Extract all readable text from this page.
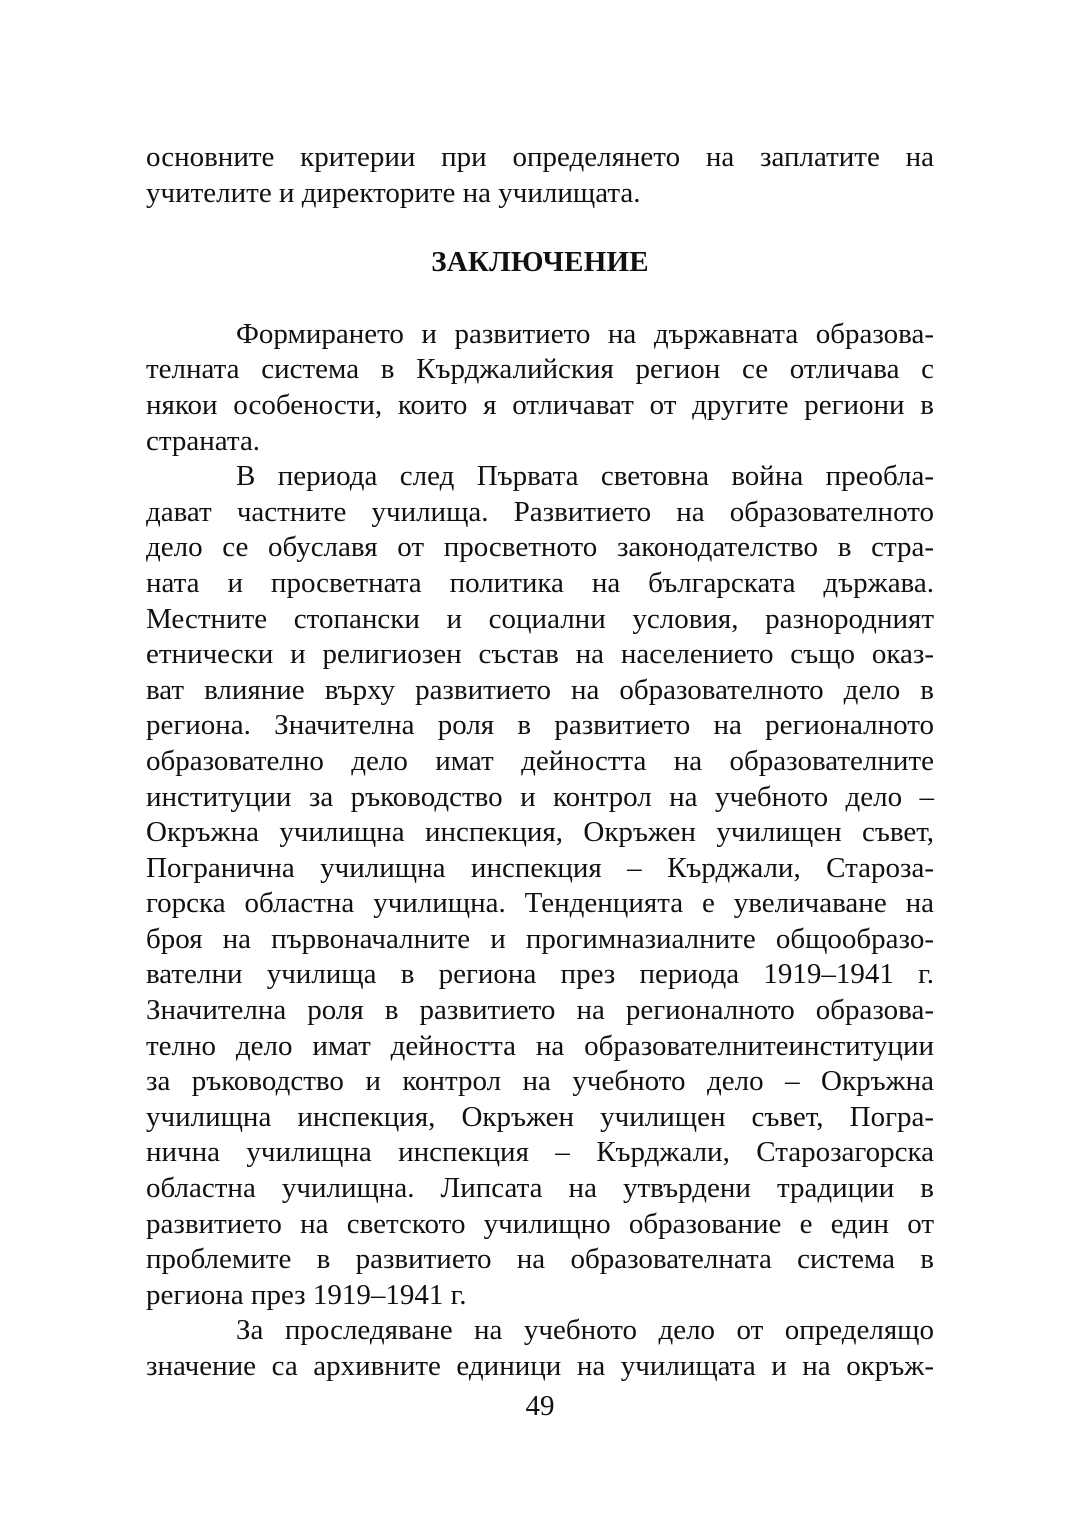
основните критерии при определянето на заплатите на
учителите и директорите на училищата.
ЗАКЛЮЧЕНИЕ
Формирането и развитието на държавната образова-
телната система в Кърджалийския регион се отличава с
някои особености, които я отличават от другите региони в
страната.
В периода след Първата световна война преобла-
дават частните училища. Развитието на образователното
дело се обуславя от просветното законодателство в стра-
ната и просветната политика на българската държава.
Местните стопански и социални условия, разнородният
етнически и религиозен състав на населението също оказ-
ват влияние върху развитието на образователното дело в
региона. Значителна роля в развитието на регионалното
образователно дело имат дейността на образователните
институции за ръководство и контрол на учебното дело –
Окръжна училищна инспекция, Окръжен училищен съвет,
Погранична училищна инспекция – Кърджали, Староза-
горска областна училищна. Тенденцията е увеличаване на
броя на първоначалните и прогимназиалните общообразо-
вателни училища в региона през периода 1919–1941 г.
Значителна роля в развитието на регионалното образова-
телно дело имат дейността на образователнитеинституции
за ръководство и контрол на учебното дело – Окръжна
училищна инспекция, Окръжен училищен съвет, Погра-
нична училищна инспекция – Кърджали, Старозагорска
областна училищна. Липсата на утвърдени традиции в
развитието на светското училищно образование е един от
проблемите в развитието на образователната система в
региона през 1919–1941 г.
За проследяване на учебното дело от определящо
значение са архивните единици на училищата и на окръж-
49
